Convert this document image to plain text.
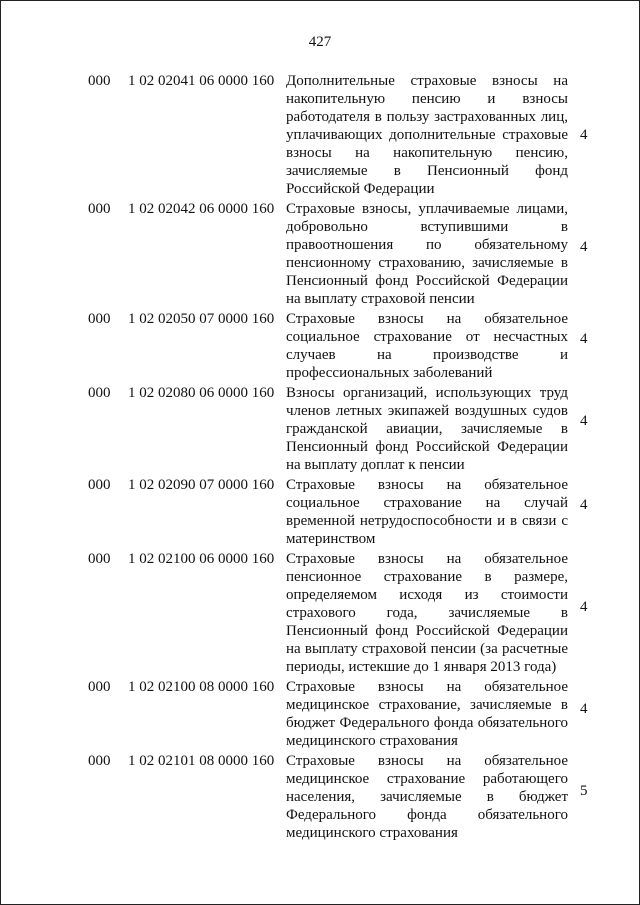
427
000 1 02 02041 06 0000 160 Дополнительные страховые взносы на накопительную пенсию и взносы работодателя в пользу застрахованных лиц, уплачивающих дополнительные страховые взносы на накопительную пенсию, зачисляемые в Пенсионный фонд Российской Федерации
4
000 1 02 02042 06 0000 160 Страховые взносы, уплачиваемые лицами, добровольно вступившими в правоотношения по обязательному пенсионному страхованию, зачисляемые в Пенсионный фонд Российской Федерации на выплату страховой пенсии
4
000 1 02 02050 07 0000 160 Страховые взносы на обязательное социальное страхование от несчастных случаев на производстве и профессиональных заболеваний
4
000 1 02 02080 06 0000 160 Взносы организаций, использующих труд членов летных экипажей воздушных судов гражданской авиации, зачисляемые в Пенсионный фонд Российской Федерации на выплату доплат к пенсии
4
000 1 02 02090 07 0000 160 Страховые взносы на обязательное социальное страхование на случай временной нетрудоспособности и в связи с материнством
4
000 1 02 02100 06 0000 160 Страховые взносы на обязательное пенсионное страхование в размере, определяемом исходя из стоимости страхового года, зачисляемые в Пенсионный фонд Российской Федерации на выплату страховой пенсии (за расчетные периоды, истекшие до 1 января 2013 года)
4
000 1 02 02100 08 0000 160 Страховые взносы на обязательное медицинское страхование, зачисляемые в бюджет Федерального фонда обязательного медицинского страхования
4
000 1 02 02101 08 0000 160 Страховые взносы на обязательное медицинское страхование работающего населения, зачисляемые в бюджет Федерального фонда обязательного медицинского страхования
5
